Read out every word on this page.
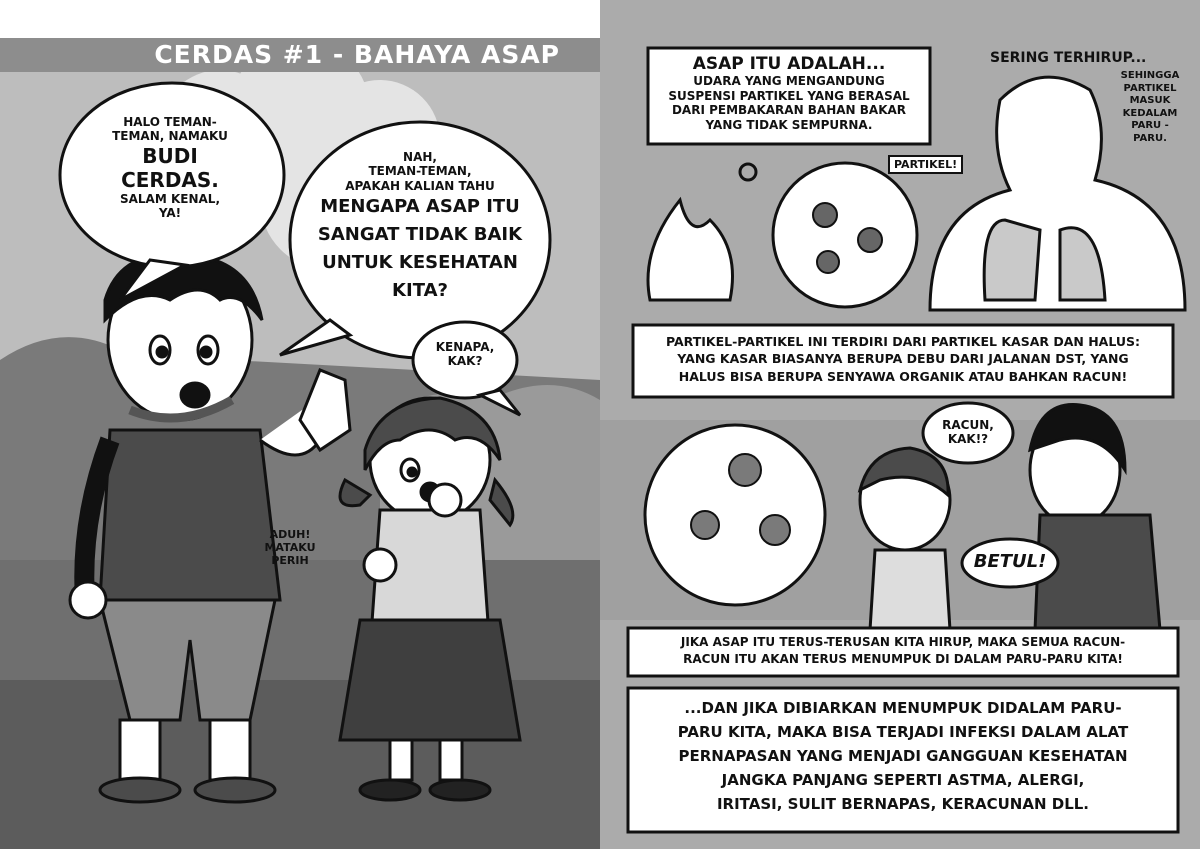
CERDAS #1 - BAHAYA ASAP
HALO TEMAN-
TEMAN, NAMAKU
BUDI
CERDAS.
SALAM KENAL,
YA!
NAH,
TEMAN-TEMAN,
APAKAH KALIAN TAHU
MENGAPA ASAP ITU
SANGAT TIDAK BAIK
UNTUK KESEHATAN
KITA?
KENAPA,
KAK?
ADUH!
MATAKU
PERIH
ASAP ITU ADALAH...
UDARA YANG MENGANDUNG
SUSPENSI PARTIKEL YANG BERASAL
DARI PEMBAKARAN BAHAN BAKAR
YANG TIDAK SEMPURNA.
PARTIKEL!
SERING TERHIRUP...
SEHINGGA
PARTIKEL
MASUK
KEDALAM
PARU -
PARU.
PARTIKEL-PARTIKEL INI TERDIRI DARI PARTIKEL KASAR DAN HALUS:
YANG KASAR BIASANYA BERUPA DEBU DARI JALANAN DST, YANG
HALUS BISA BERUPA SENYAWA ORGANIK ATAU BAHKAN RACUN!
RACUN,
KAK!?
BETUL!
JIKA ASAP ITU TERUS-TERUSAN KITA HIRUP, MAKA SEMUA RACUN-
RACUN ITU AKAN TERUS MENUMPUK DI DALAM PARU-PARU KITA!
...DAN JIKA DIBIARKAN MENUMPUK DIDALAM PARU-
PARU KITA, MAKA BISA TERJADI INFEKSI DALAM ALAT
PERNAPASAN YANG MENJADI GANGGUAN KESEHATAN
JANGKA PANJANG SEPERTI ASTMA, ALERGI,
IRITASI, SULIT BERNAPAS, KERACUNAN DLL.
